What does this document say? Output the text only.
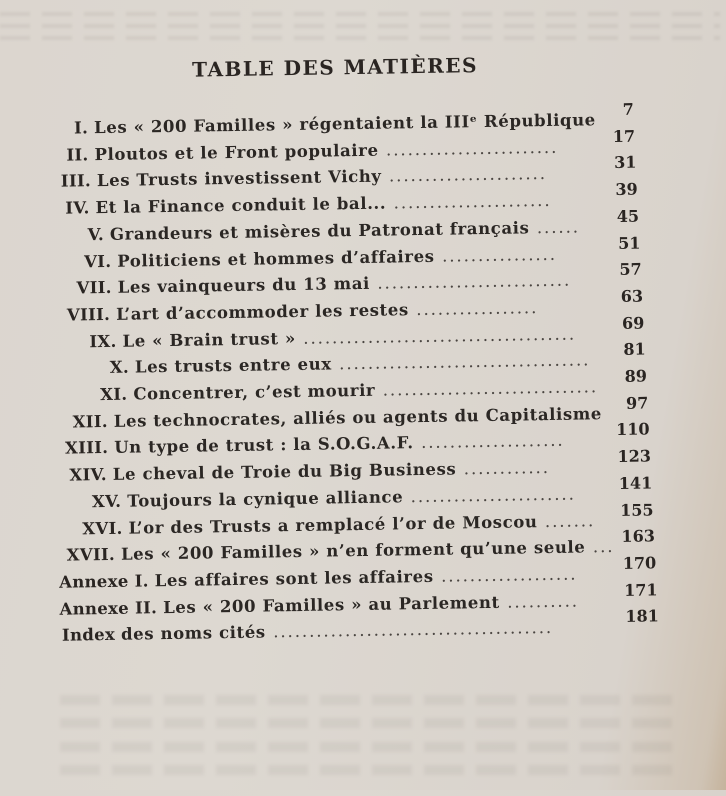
TABLE DES MATIÈRES
I. Les « 200 Familles » régentaient la IIIᵉ République
II. Ploutos et le Front populaire ........................
III. Les Trusts investissent Vichy ......................
IV. Et la Finance conduit le bal... ......................
V. Grandeurs et misères du Patronat français ......
VI. Politiciens et hommes d’affaires ................
VII. Les vainqueurs du 13 mai ...........................
VIII. L’art d’accommoder les restes .................
IX. Le « Brain trust » ......................................
X. Les trusts entre eux ...................................
XI. Concentrer, c’est mourir ..............................
XII. Les technocrates, alliés ou agents du Capitalisme
XIII. Un type de trust : la S.O.G.A.F. ....................
XIV. Le cheval de Troie du Big Business ............
XV. Toujours la cynique alliance .......................
XVI. L’or des Trusts a remplacé l’or de Moscou .......
XVII. Les « 200 Familles » n’en forment qu’une seule ...
Annexe I. Les affaires sont les affaires ...................
Annexe II. Les « 200 Familles » au Parlement ..........
Index des noms cités .......................................
7
17
31
39
45
51
57
63
69
81
89
97
110
123
141
155
163
170
171
181
